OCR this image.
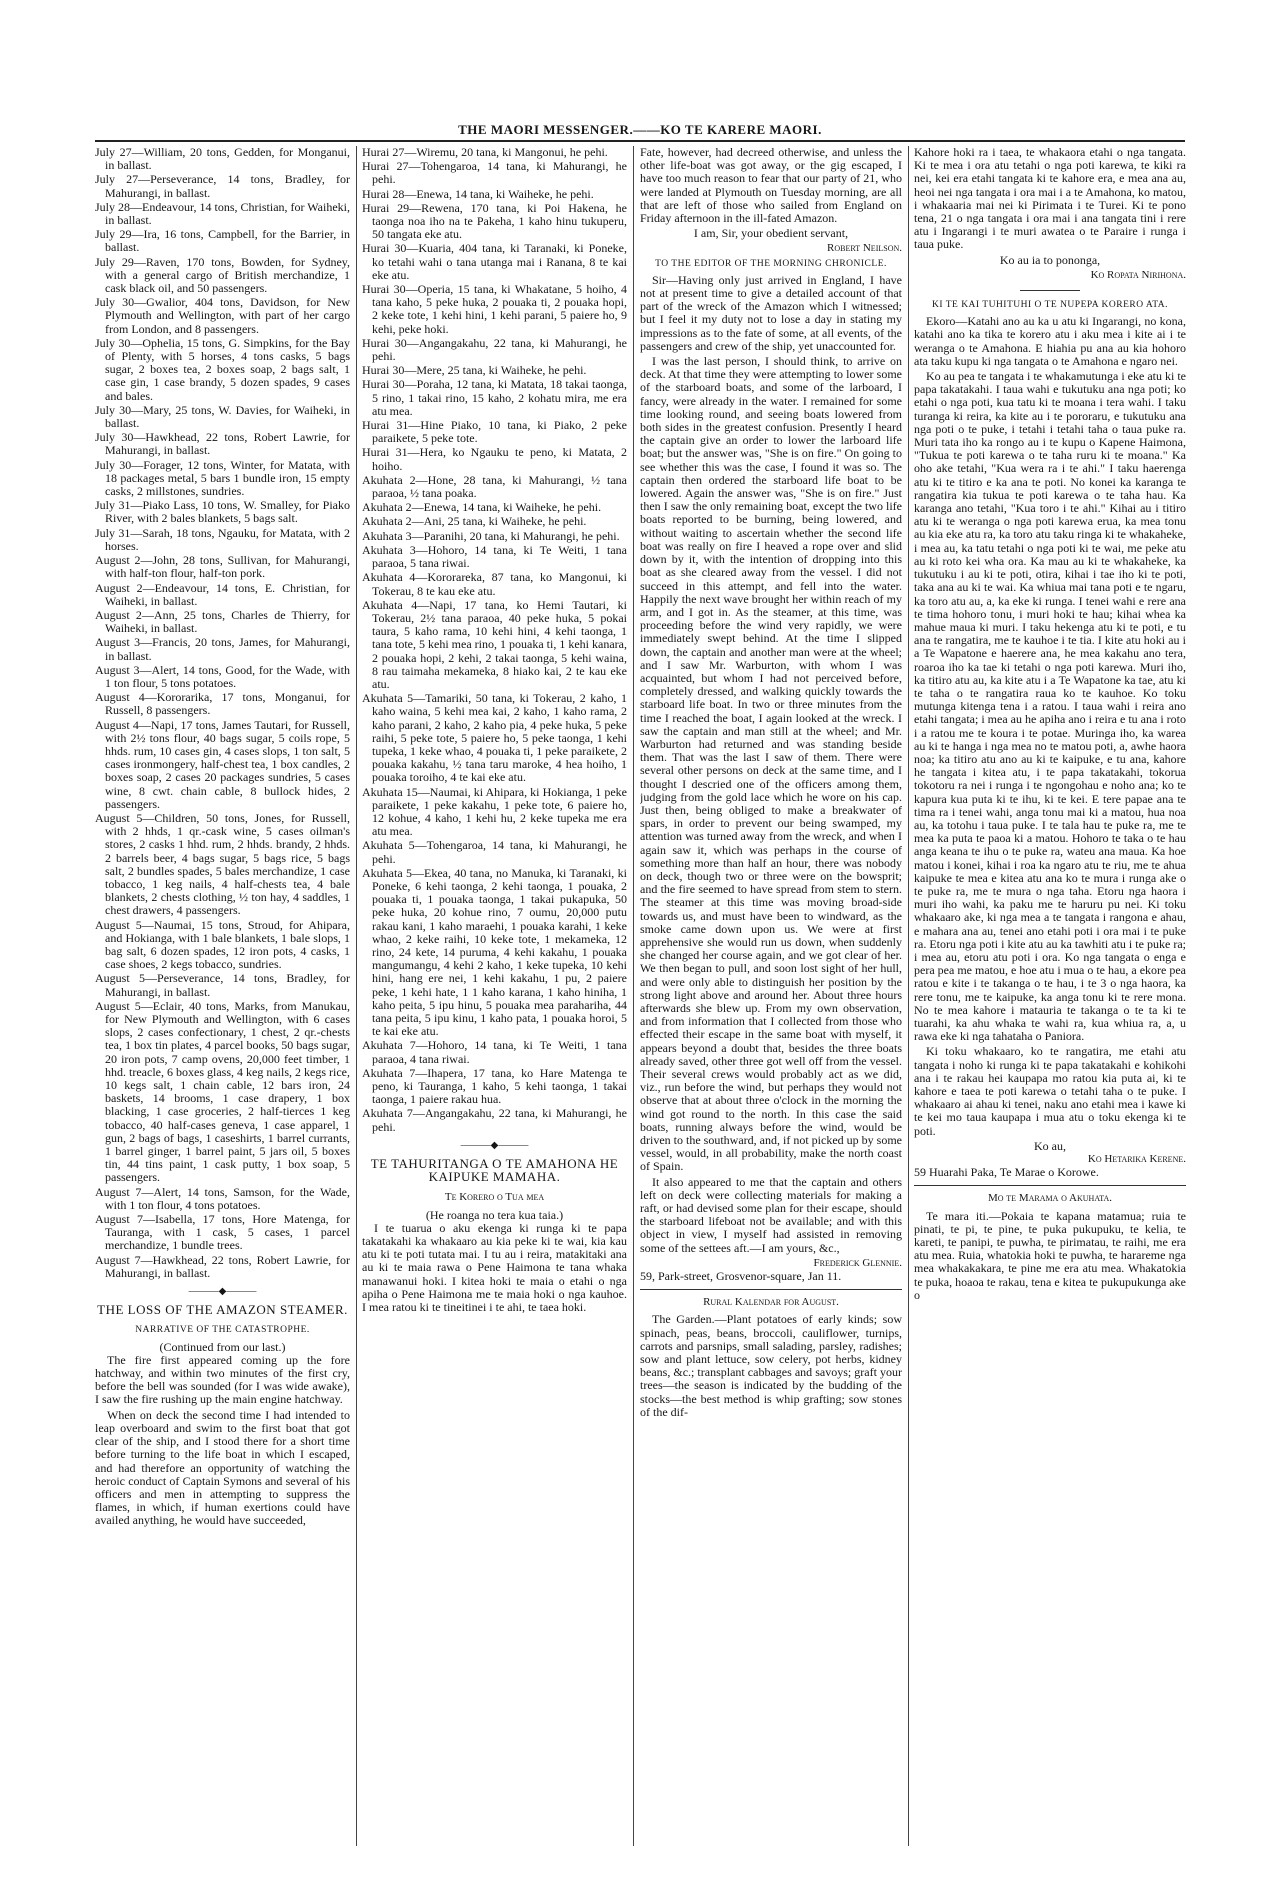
THE MAORI MESSENGER.——KO TE KARERE MAORI.
July 27—William, 20 tons, Gedden, for Monganui, in ballast.
July 27—Perseverance, 14 tons, Bradley, for Mahurangi, in ballast.
July 28—Endeavour, 14 tons, Christian, for Waiheki, in ballast.
July 29—Ira, 16 tons, Campbell, for the Barrier, in ballast.
July 29—Raven, 170 tons, Bowden, for Sydney, with a general cargo of British merchandize, 1 cask black oil, and 50 passengers.
July 30—Gwalior, 404 tons, Davidson, for New Plymouth and Wellington, with part of her cargo from London, and 8 passengers.
July 30—Ophelia, 15 tons, G. Simpkins, for the Bay of Plenty, with 5 horses, 4 tons casks, 5 bags sugar, 2 boxes tea, 2 boxes soap, 2 bags salt, 1 case gin, 1 case brandy, 5 dozen spades, 9 cases and bales.
July 30—Mary, 25 tons, W. Davies, for Waiheki, in ballast.
July 30—Hawkhead, 22 tons, Robert Lawrie, for Mahurangi, in ballast.
July 30—Forager, 12 tons, Winter, for Matata, with 18 packages metal, 5 bars 1 bundle iron, 15 empty casks, 2 millstones, sundries.
July 31—Piako Lass, 10 tons, W. Smalley, for Piako River, with 2 bales blankets, 5 bags salt.
July 31—Sarah, 18 tons, Ngauku, for Matata, with 2 horses.
August 2—John, 28 tons, Sullivan, for Mahurangi, with half-ton flour, half-ton pork.
August 2—Endeavour, 14 tons, E. Christian, for Waiheki, in ballast.
August 2—Ann, 25 tons, Charles de Thierry, for Waiheki, in ballast.
August 3—Francis, 20 tons, James, for Mahurangi, in ballast.
August 3—Alert, 14 tons, Good, for the Wade, with 1 ton flour, 5 tons potatoes.
August 4—Kororarika, 17 tons, Monganui, for Russell, 8 passengers.
August 4—Napi, 17 tons, James Tautari, for Russell, with 2½ tons flour, 40 bags sugar, 5 coils rope, 5 hhds. rum, 10 cases gin, 4 cases slops, 1 ton salt, 5 cases ironmongery, half-chest tea, 1 box candles, 2 boxes soap, 2 cases 20 packages sundries, 5 cases wine, 8 cwt. chain cable, 8 bullock hides, 2 passengers.
August 5—Children, 50 tons, Jones, for Russell, with 2 hhds, 1 qr.-cask wine, 5 cases oilman's stores, 2 casks 1 hhd. rum, 2 hhds. brandy, 2 hhds. 2 barrels beer, 4 bags sugar, 5 bags rice, 5 bags salt, 2 bundles spades, 5 bales merchandize, 1 case tobacco, 1 keg nails, 4 half-chests tea, 4 bale blankets, 2 chests clothing, ½ ton hay, 4 saddles, 1 chest drawers, 4 passengers.
August 5—Naumai, 15 tons, Stroud, for Ahipara, and Hokianga, with 1 bale blankets, 1 bale slops, 1 bag salt, 6 dozen spades, 12 iron pots, 4 casks, 1 case shoes, 2 kegs tobacco, sundries.
August 5—Perseverance, 14 tons, Bradley, for Mahurangi, in ballast.
August 5—Eclair, 40 tons, Marks, from Manukau, for New Plymouth and Wellington, with 6 cases slops, 2 cases confectionary, 1 chest, 2 qr.-chests tea, 1 box tin plates, 4 parcel books, 50 bags sugar, 20 iron pots, 7 camp ovens, 20,000 feet timber, 1 hhd. treacle, 6 boxes glass, 4 keg nails, 2 kegs rice, 10 kegs salt, 1 chain cable, 12 bars iron, 24 baskets, 14 brooms, 1 case drapery, 1 box blacking, 1 case groceries, 2 half-tierces 1 keg tobacco, 40 half-cases geneva, 1 case apparel, 1 gun, 2 bags of bags, 1 caseshirts, 1 barrel currants, 1 barrel ginger, 1 barrel paint, 5 jars oil, 5 boxes tin, 44 tins paint, 1 cask putty, 1 box soap, 5 passengers.
August 7—Alert, 14 tons, Samson, for the Wade, with 1 ton flour, 4 tons potatoes.
August 7—Isabella, 17 tons, Hore Matenga, for Tauranga, with 1 cask, 5 cases, 1 parcel merchandize, 1 bundle trees.
August 7—Hawkhead, 22 tons, Robert Lawrie, for Mahurangi, in ballast.
———◆———
THE LOSS OF THE AMAZON STEAMER.
NARRATIVE OF THE CATASTROPHE.
(Continued from our last.)

The fire first appeared coming up the fore hatchway, and within two minutes of the first cry, before the bell was sounded (for I was wide awake), I saw the fire rushing up the main engine hatchway.

When on deck the second time I had intended to leap overboard and swim to the first boat that got clear of the ship, and I stood there for a short time before turning to the life boat in which I escaped, and had therefore an opportunity of watching the heroic conduct of Captain Symons and several of his officers and men in attempting to suppress the flames, in which, if human exertions could have availed anything, he would have succeeded,

Hurai 27—Wiremu, 20 tana, ki Mangonui, he pehi.
Hurai 27—Tohengaroa, 14 tana, ki Mahurangi, he pehi.
Hurai 28—Enewa, 14 tana, ki Waiheke, he pehi.
Hurai 29—Rewena, 170 tana, ki Poi Hakena, he taonga noa iho na te Pakeha, 1 kaho hinu tukuperu, 50 tangata eke atu.
Hurai 30—Kuaria, 404 tana, ki Taranaki, ki Poneke, ko tetahi wahi o tana utanga mai i Ranana, 8 te kai eke atu.
Hurai 30—Operia, 15 tana, ki Whakatane, 5 hoiho, 4 tana kaho, 5 peke huka, 2 pouaka ti, 2 pouaka hopi, 2 keke tote, 1 kehi hini, 1 kehi parani, 5 paiere ho, 9 kehi, peke hoki.
Hurai 30—Angangakahu, 22 tana, ki Mahurangi, he pehi.
Hurai 30—Mere, 25 tana, ki Waiheke, he pehi.
Hurai 30—Poraha, 12 tana, ki Matata, 18 takai taonga, 5 rino, 1 takai rino, 15 kaho, 2 kohatu mira, me era atu mea.
Hurai 31—Hine Piako, 10 tana, ki Piako, 2 peke paraikete, 5 peke tote.
Hurai 31—Hera, ko Ngauku te peno, ki Matata, 2 hoiho.
Akuhata 2—Hone, 28 tana, ki Mahurangi, ½ tana paraoa, ½ tana poaka.
Akuhata 2—Enewa, 14 tana, ki Waiheke, he pehi.
Akuhata 2—Ani, 25 tana, ki Waiheke, he pehi.
Akuhata 3—Paranihi, 20 tana, ki Mahurangi, he pehi.
Akuhata 3—Hohoro, 14 tana, ki Te Weiti, 1 tana paraoa, 5 tana riwai.
Akuhata 4—Kororareka, 87 tana, ko Mangonui, ki Tokerau, 8 te kau eke atu.
Akuhata 4—Napi, 17 tana, ko Hemi Tautari, ki Tokerau, 2½ tana paraoa, 40 peke huka, 5 pokai taura, 5 kaho rama, 10 kehi hini, 4 kehi taonga, 1 tana tote, 5 kehi mea rino, 1 pouaka ti, 1 kehi kanara, 2 pouaka hopi, 2 kehi, 2 takai taonga, 5 kehi waina, 8 rau taimaha mekameka, 8 hiako kai, 2 te kau eke atu.
Akuhata 5—Tamariki, 50 tana, ki Tokerau, 2 kaho, 1 kaho waina, 5 kehi mea kai, 2 kaho, 1 kaho rama, 2 kaho parani, 2 kaho, 2 kaho pia, 4 peke huka, 5 peke raihi, 5 peke tote, 5 paiere ho, 5 peke taonga, 1 kehi tupeka, 1 keke whao, 4 pouaka ti, 1 peke paraikete, 2 pouaka kakahu, ½ tana taru maroke, 4 hea hoiho, 1 pouaka toroiho, 4 te kai eke atu.
Akuhata 15—Naumai, ki Ahipara, ki Hokianga, 1 peke paraikete, 1 peke kakahu, 1 peke tote, 6 paiere ho, 12 kohue, 4 kaho, 1 kehi hu, 2 keke tupeka me era atu mea.
Akuhata 5—Tohengaroa, 14 tana, ki Mahurangi, he pehi.
Akuhata 5—Ekea, 40 tana, no Manuka, ki Taranaki, ki Poneke, 6 kehi taonga, 2 kehi taonga, 1 pouaka, 2 pouaka ti, 1 pouaka taonga, 1 takai pukapuka, 50 peke huka, 20 kohue rino, 7 oumu, 20,000 putu rakau kani, 1 kaho maraehi, 1 pouaka karahi, 1 keke whao, 2 keke raihi, 10 keke tote, 1 mekameka, 12 rino, 24 kete, 14 puruma, 4 kehi kakahu, 1 pouaka mangumangu, 4 kehi 2 kaho, 1 keke tupeka, 10 kehi hini, hang ere nei, 1 kehi kakahu, 1 pu, 2 paiere peke, 1 kehi hate, 1 1 kaho karana, 1 kaho hiniha, 1 kaho peita, 5 ipu hinu, 5 pouaka mea parahariha, 44 tana peita, 5 ipu kinu, 1 kaho pata, 1 pouaka horoi, 5 te kai eke atu.
Akuhata 7—Hohoro, 14 tana, ki Te Weiti, 1 tana paraoa, 4 tana riwai.
Akuhata 7—Ihapera, 17 tana, ko Hare Matenga te peno, ki Tauranga, 1 kaho, 5 kehi taonga, 1 takai taonga, 1 paiere rakau hua.
Akuhata 7—Angangakahu, 22 tana, ki Mahurangi, he pehi.
———◆———
TE TAHURITANGA O TE AMAHONA HE KAIPUKE MAMAHA.
Te Korero o Tua mea
(He roanga no tera kua taia.)

I te tuarua o aku ekenga ki runga ki te papa takatakahi ka whakaaro au kia peke ki te wai, kia kau atu ki te poti tutata mai. I tu au i reira, matakitaki ana au ki te maia rawa o Pene Haimona te tana whaka manawanui hoki. I kitea hoki te maia o etahi o nga apiha o Pene Haimona me te maia hoki o nga kauhoe. I mea ratou ki te tineitinei i te ahi, te taea hoki.

Fate, however, had decreed otherwise, and unless the other life-boat was got away, or the gig escaped, I have too much reason to fear that our party of 21, who were landed at Plymouth on Tuesday morning, are all that are left of those who sailed from England on Friday afternoon in the ill-fated Amazon.

I am, Sir, your obedient servant,

Robert Neilson.
TO THE EDITOR OF THE MORNING CHRONICLE.

Sir—Having only just arrived in England, I have not at present time to give a detailed account of that part of the wreck of the Amazon which I witnessed; but I feel it my duty not to lose a day in stating my impressions as to the fate of some, at all events, of the passengers and crew of the ship, yet unaccounted for.

I was the last person, I should think, to arrive on deck. At that time they were attempting to lower some of the starboard boats, and some of the larboard, I fancy, were already in the water. I remained for some time looking round, and seeing boats lowered from both sides in the greatest confusion. Presently I heard the captain give an order to lower the larboard life boat; but the answer was, "She is on fire." On going to see whether this was the case, I found it was so. The captain then ordered the starboard life boat to be lowered. Again the answer was, "She is on fire." Just then I saw the only remaining boat, except the two life boats reported to be burning, being lowered, and without waiting to ascertain whether the second life boat was really on fire I heaved a rope over and slid down by it, with the intention of dropping into this boat as she cleared away from the vessel. I did not succeed in this attempt, and fell into the water. Happily the next wave brought her within reach of my arm, and I got in. As the steamer, at this time, was proceeding before the wind very rapidly, we were immediately swept behind. At the time I slipped down, the captain and another man were at the wheel; and I saw Mr. Warburton, with whom I was acquainted, but whom I had not perceived before, completely dressed, and walking quickly towards the starboard life boat. In two or three minutes from the time I reached the boat, I again looked at the wreck. I saw the captain and man still at the wheel; and Mr. Warburton had returned and was standing beside them. That was the last I saw of them. There were several other persons on deck at the same time, and I thought I descried one of the officers among them, judging from the gold lace which he wore on his cap. Just then, being obliged to make a breakwater of spars, in order to prevent our being swamped, my attention was turned away from the wreck, and when I again saw it, which was perhaps in the course of something more than half an hour, there was nobody on deck, though two or three were on the bowsprit; and the fire seemed to have spread from stem to stern. The steamer at this time was moving broad-side towards us, and must have been to windward, as the smoke came down upon us. We were at first apprehensive she would run us down, when suddenly she changed her course again, and we got clear of her. We then began to pull, and soon lost sight of her hull, and were only able to distinguish her position by the strong light above and around her. About three hours afterwards she blew up. From my own observation, and from information that I collected from those who effected their escape in the same boat with myself, it appears beyond a doubt that, besides the three boats already saved, other three got well off from the vessel. Their several crews would probably act as we did, viz., run before the wind, but perhaps they would not observe that at about three o'clock in the morning the wind got round to the north. In this case the said boats, running always before the wind, would be driven to the southward, and, if not picked up by some vessel, would, in all probability, make the north coast of Spain.

It also appeared to me that the captain and others left on deck were collecting materials for making a raft, or had devised some plan for their escape, should the starboard lifeboat not be available; and with this object in view, I myself had assisted in removing some of the settees aft.—I am yours, &c.,

Frederick Glennie.
59, Park-street, Grosvenor-square, Jan 11.
Rural Kalendar for August.

The Garden.—Plant potatoes of early kinds; sow spinach, peas, beans, broccoli, cauliflower, turnips, carrots and parsnips, small salading, parsley, radishes; sow and plant lettuce, sow celery, pot herbs, kidney beans, &c.; transplant cabbages and savoys; graft your trees—the season is indicated by the budding of the stocks—the best method is whip grafting; sow stones of the dif-

Kahore hoki ra i taea, te whakaora etahi o nga tangata. Ki te mea i ora atu tetahi o nga poti karewa, te kiki ra nei, kei era etahi tangata ki te kahore era, e mea ana au, heoi nei nga tangata i ora mai i a te Amahona, ko matou, i whakaaria mai nei ki Pirimata i te Turei. Ki te pono tena, 21 o nga tangata i ora mai i ana tangata tini i rere atu i Ingarangi i te muri awatea o te Paraire i runga i taua puke.

Ko au ia to pononga,

Ko Ropata Nirihona.
KI TE KAI TUHITUHI O TE NUPEPA KORERO ATA.

Ekoro—Katahi ano au ka u atu ki Ingarangi, no kona, katahi ano ka tika te korero atu i aku mea i kite ai i te weranga o te Amahona. E hiahia pu ana au kia hohoro ata taku kupu ki nga tangata o te Amahona e ngaro nei.

Ko au pea te tangata i te whakamutunga i eke atu ki te papa takatakahi. I taua wahi e tukutuku ana nga poti; ko etahi o nga poti, kua tatu ki te moana i tera wahi. I taku turanga ki reira, ka kite au i te pororaru, e tukutuku ana nga poti o te puke, i tetahi i tetahi taha o taua puke ra. Muri tata iho ka rongo au i te kupu o Kapene Haimona, "Tukua te poti karewa o te taha ruru ki te moana." Ka oho ake tetahi, "Kua wera ra i te ahi." I taku haerenga atu ki te titiro e ka ana te poti. No konei ka karanga te rangatira kia tukua te poti karewa o te taha hau. Ka karanga ano tetahi, "Kua toro i te ahi." Kihai au i titiro atu ki te weranga o nga poti karewa erua, ka mea tonu au kia eke atu ra, ka toro atu taku ringa ki te whakaheke, i mea au, ka tatu tetahi o nga poti ki te wai, me peke atu au ki roto kei wha ora. Ka mau au ki te whakaheke, ka tukutuku i au ki te poti, otira, kihai i tae iho ki te poti, taka ana au ki te wai. Ka whiua mai tana poti e te ngaru, ka toro atu au, a, ka eke ki runga. I tenei wahi e rere ana te tima hohoro tonu, i muri hoki te hau; kihai whea ka mahue maua ki muri. I taku hekenga atu ki te poti, e tu ana te rangatira, me te kauhoe i te tia. I kite atu hoki au i a Te Wapatone e haerere ana, he mea kakahu ano tera, roaroa iho ka tae ki tetahi o nga poti karewa. Muri iho, ka titiro atu au, ka kite atu i a Te Wapatone ka tae, atu ki te taha o te rangatira raua ko te kauhoe. Ko toku mutunga kitenga tena i a ratou. I taua wahi i reira ano etahi tangata; i mea au he apiha ano i reira e tu ana i roto i a ratou me te koura i te potae. Muringa iho, ka warea au ki te hanga i nga mea no te matou poti, a, awhe haora noa; ka titiro atu ano au ki te kaipuke, e tu ana, kahore he tangata i kitea atu, i te papa takatakahi, tokorua tokotoru ra nei i runga i te ngongohau e noho ana; ko te kapura kua puta ki te ihu, ki te kei. E tere papae ana te tima ra i tenei wahi, anga tonu mai ki a matou, hua noa au, ka totohu i taua puke. I te tala hau te puke ra, me te mea ka puta te paoa ki a matou. Hohoro te taka o te hau anga keana te ihu o te puke ra, wateu ana maua. Ka hoe matou i konei, kihai i roa ka ngaro atu te riu, me te ahua kaipuke te mea e kitea atu ana ko te mura i runga ake o te puke ra, me te mura o nga taha. Etoru nga haora i muri iho wahi, ka paku me te haruru pu nei. Ki toku whakaaro ake, ki nga mea a te tangata i rangona e ahau, e mahara ana au, tenei ano etahi poti i ora mai i te puke ra. Etoru nga poti i kite atu au ka tawhiti atu i te puke ra; i mea au, etoru atu poti i ora. Ko nga tangata o enga e pera pea me matou, e hoe atu i mua o te hau, a ekore pea ratou e kite i te takanga o te hau, i te 3 o nga haora, ka rere tonu, me te kaipuke, ka anga tonu ki te rere mona. No te mea kahore i matauria te takanga o te ta ki te tuarahi, ka ahu whaka te wahi ra, kua whiua ra, a, u rawa eke ki nga tahataha o Paniora.

Ki toku whakaaro, ko te rangatira, me etahi atu tangata i noho ki runga ki te papa takatakahi e kohikohi ana i te rakau hei kaupapa mo ratou kia puta ai, ki te kahore e taea te poti karewa o tetahi taha o te puke. I whakaaro ai ahau ki tenei, naku ano etahi mea i kawe ki te kei mo taua kaupapa i mua atu o toku ekenga ki te poti.

Ko au,
Ko Hetarika Kerene.
59 Huarahi Paka, Te Marae o Korowe.
Mo te Marama o Akuhata.

Te mara iti.—Pokaia te kapana matamua; ruia te pinati, te pi, te pine, te puka pukupuku, te kelia, te kareti, te panipi, te puwha, te pirimatau, te raihi, me era atu mea. Ruia, whatokia hoki te puwha, te harareme nga mea whakakakara, te pine me era atu mea. Whakatokia te puka, hoaoa te rakau, tena e kitea te pukupukunga ake o
